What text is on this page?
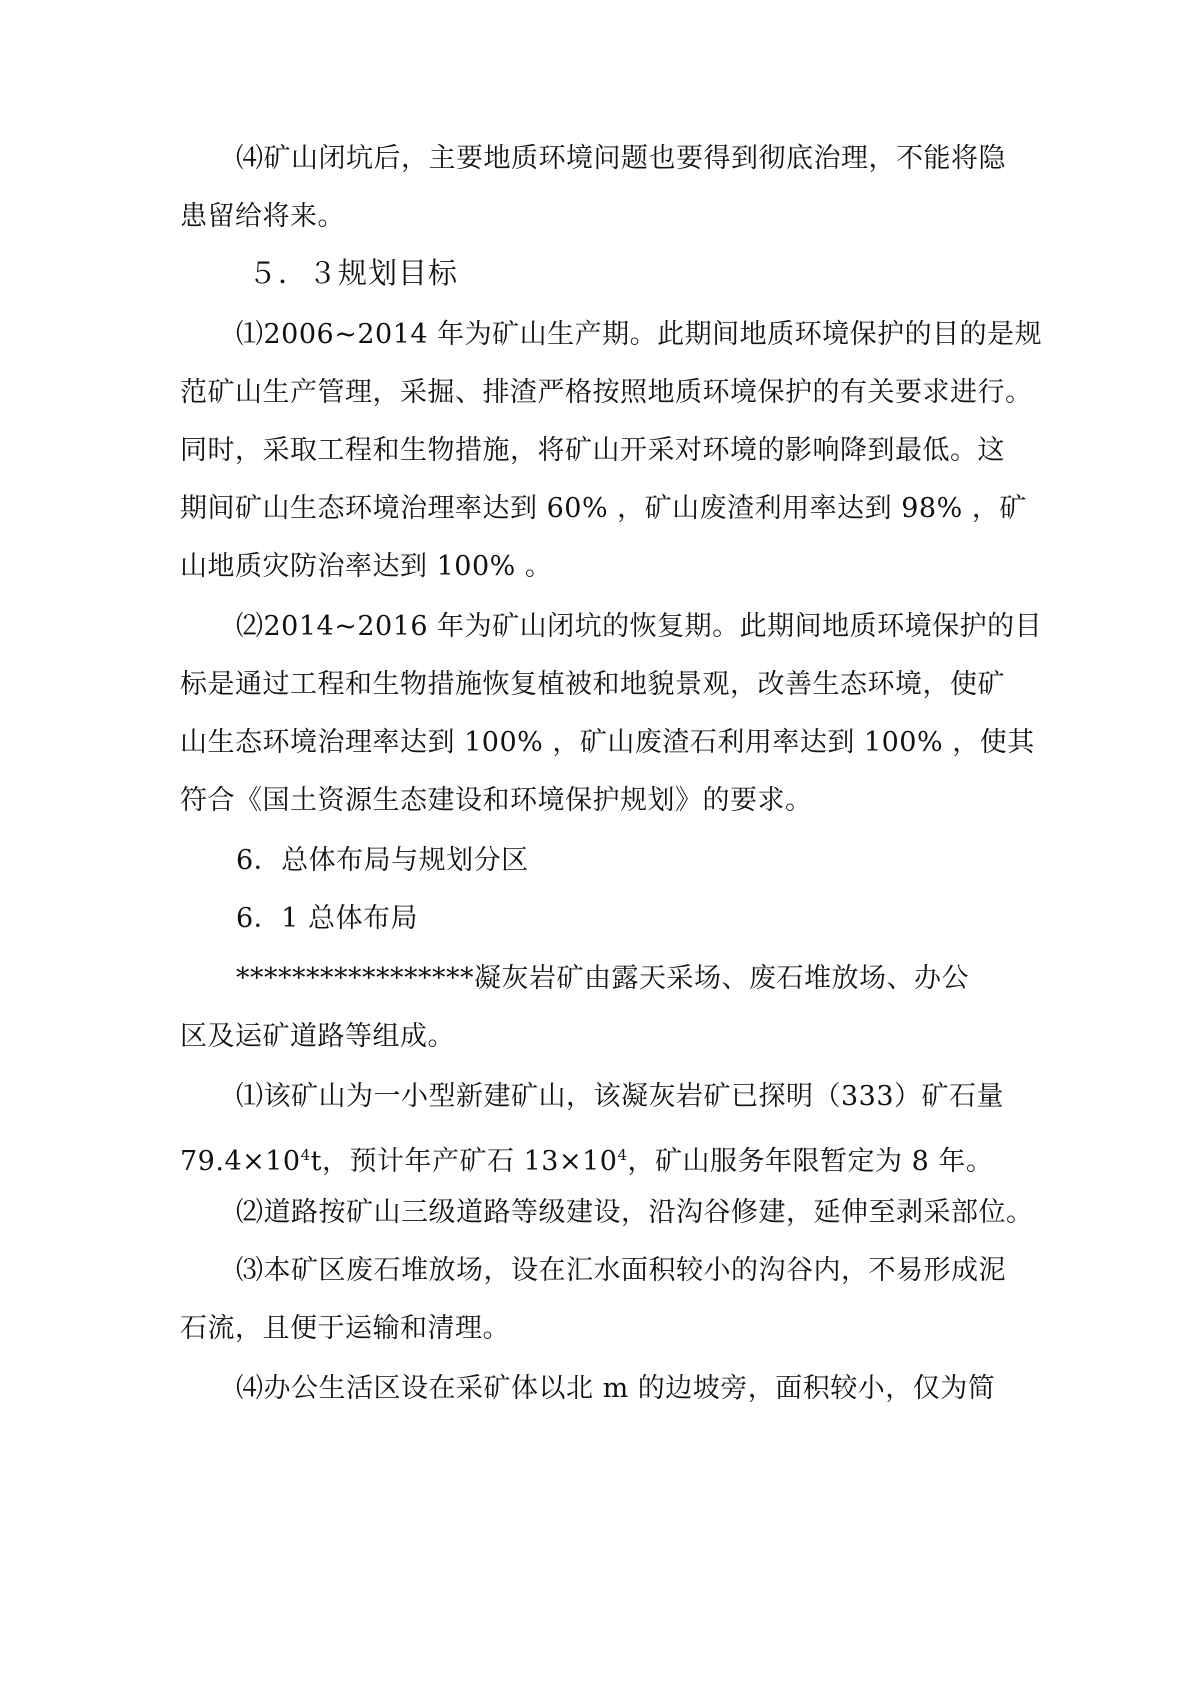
⑷矿山闭坑后，主要地质环境问题也要得到彻底治理，不能将隐
患留给将来。
５．３规划目标
⑴2006~2014 年为矿山生产期。此期间地质环境保护的目的是规
范矿山生产管理，采掘、排渣严格按照地质环境保护的有关要求进行。
同时，采取工程和生物措施，将矿山开采对环境的影响降到最低。这
期间矿山生态环境治理率达到 60% ，矿山废渣利用率达到 98% ，矿
山地质灾防治率达到 100% 。
⑵2014~2016 年为矿山闭坑的恢复期。此期间地质环境保护的目
标是通过工程和生物措施恢复植被和地貌景观，改善生态环境，使矿
山生态环境治理率达到 100% ，矿山废渣石利用率达到 100% ，使其
符合《国土资源生态建设和环境保护规划》的要求。
6．总体布局与规划分区
6．1 总体布局
*****************凝灰岩矿由露天采场、废石堆放场、办公
区及运矿道路等组成。
⑴该矿山为一小型新建矿山，该凝灰岩矿已探明（333）矿石量
$79.4\times 10^4t$，预计年产矿石 $13\times 10^4$，矿山服务年限暂定为 8 年。
⑵道路按矿山三级道路等级建设，沿沟谷修建，延伸至剥采部位。
⑶本矿区废石堆放场，设在汇水面积较小的沟谷内，不易形成泥
石流，且便于运输和清理。
⑷办公生活区设在采矿体以北 m 的边坡旁，面积较小，仅为简
